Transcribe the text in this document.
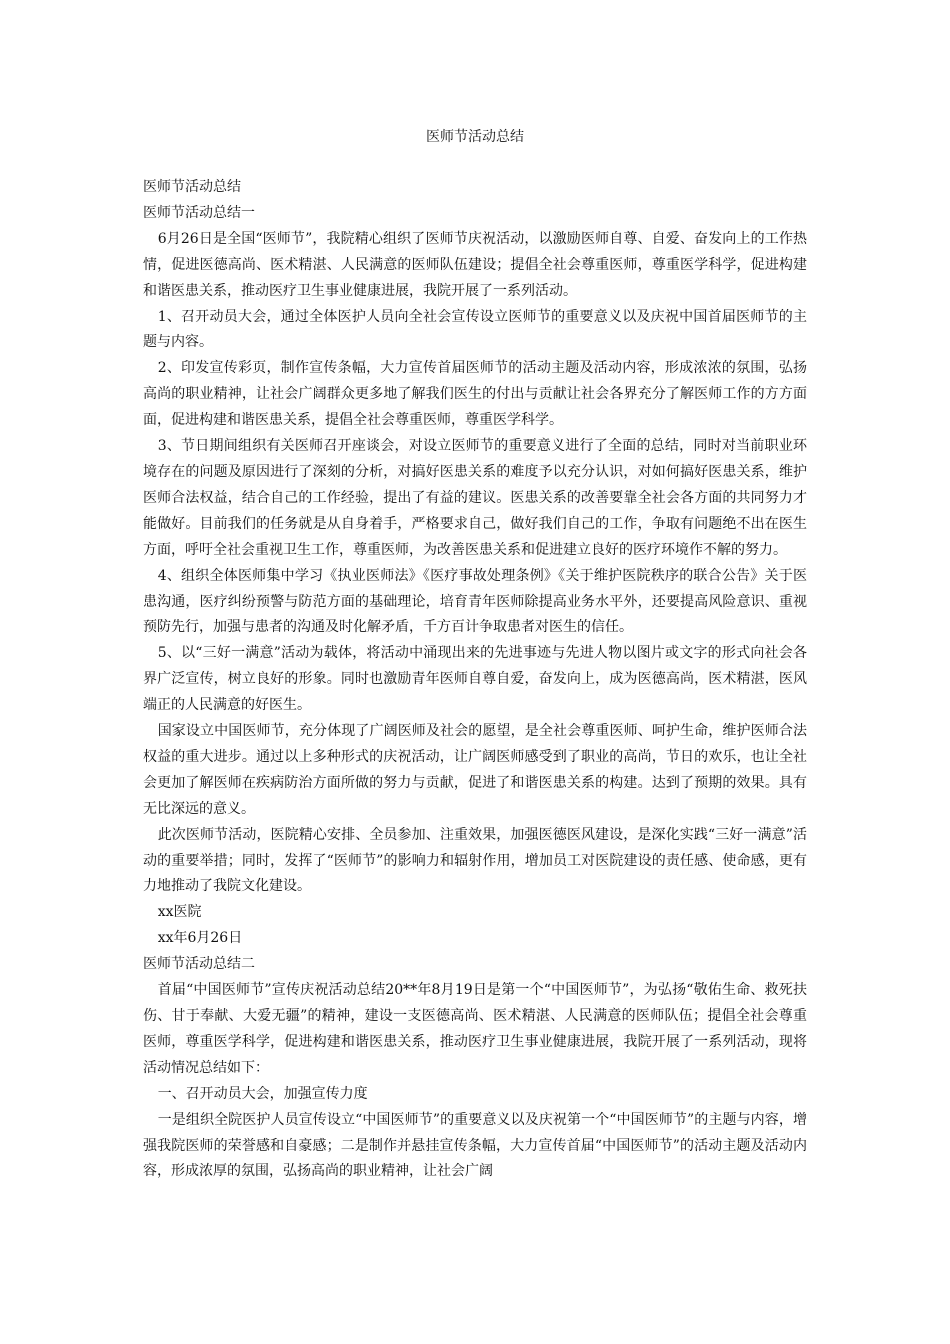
医师节活动总结

医师节活动总结

医师节活动总结一

6月26日是全国“医师节”，我院精心组织了医师节庆祝活动，以激励医师自尊、自爱、奋发向上的工作热情，促进医德高尚、医术精湛、人民满意的医师队伍建设；提倡全社会尊重医师，尊重医学科学，促进构建和谐医患关系，推动医疗卫生事业健康进展，我院开展了一系列活动。

1、召开动员大会，通过全体医护人员向全社会宣传设立医师节的重要意义以及庆祝中国首届医师节的主题与内容。

2、印发宣传彩页，制作宣传条幅，大力宣传首届医师节的活动主题及活动内容，形成浓浓的氛围，弘扬高尚的职业精神，让社会广阔群众更多地了解我们医生的付出与贡献让社会各界充分了解医师工作的方方面面，促进构建和谐医患关系，提倡全社会尊重医师，尊重医学科学。

3、节日期间组织有关医师召开座谈会，对设立医师节的重要意义进行了全面的总结，同时对当前职业环境存在的问题及原因进行了深刻的分析，对搞好医患关系的难度予以充分认识，对如何搞好医患关系，维护医师合法权益，结合自己的工作经验，提出了有益的建议。医患关系的改善要靠全社会各方面的共同努力才能做好。目前我们的任务就是从自身着手，严格要求自己，做好我们自己的工作，争取有问题绝不出在医生方面，呼吁全社会重视卫生工作，尊重医师，为改善医患关系和促进建立良好的医疗环境作不解的努力。

4、组织全体医师集中学习《执业医师法》《医疗事故处理条例》《关于维护医院秩序的联合公告》关于医患沟通，医疗纠纷预警与防范方面的基础理论，培育青年医师除提高业务水平外，还要提高风险意识、重视预防先行，加强与患者的沟通及时化解矛盾，千方百计争取患者对医生的信任。

5、以“三好一满意”活动为载体，将活动中涌现出来的先进事迹与先进人物以图片或文字的形式向社会各界广泛宣传，树立良好的形象。同时也激励青年医师自尊自爱，奋发向上，成为医德高尚，医术精湛，医风端正的人民满意的好医生。

国家设立中国医师节，充分体现了广阔医师及社会的愿望，是全社会尊重医师、呵护生命，维护医师合法权益的重大进步。通过以上多种形式的庆祝活动，让广阔医师感受到了职业的高尚，节日的欢乐，也让全社会更加了解医师在疾病防治方面所做的努力与贡献，促进了和谐医患关系的构建。达到了预期的效果。具有无比深远的意义。

此次医师节活动，医院精心安排、全员参加、注重效果，加强医德医风建设，是深化实践“三好一满意”活动的重要举措；同时，发挥了“医师节”的影响力和辐射作用，增加员工对医院建设的责任感、使命感，更有力地推动了我院文化建设。

xx医院

xx年6月26日

医师节活动总结二

首届“中国医师节”宣传庆祝活动总结20**年8月19日是第一个“中国医师节”，为弘扬“敬佑生命、救死扶伤、甘于奉献、大爱无疆”的精神，建设一支医德高尚、医术精湛、人民满意的医师队伍；提倡全社会尊重医师，尊重医学科学，促进构建和谐医患关系，推动医疗卫生事业健康进展，我院开展了一系列活动，现将活动情况总结如下：

一、召开动员大会，加强宣传力度

一是组织全院医护人员宣传设立“中国医师节”的重要意义以及庆祝第一个“中国医师节”的主题与内容，增强我院医师的荣誉感和自豪感；二是制作并悬挂宣传条幅，大力宣传首届“中国医师节”的活动主题及活动内容，形成浓厚的氛围，弘扬高尚的职业精神，让社会广阔
